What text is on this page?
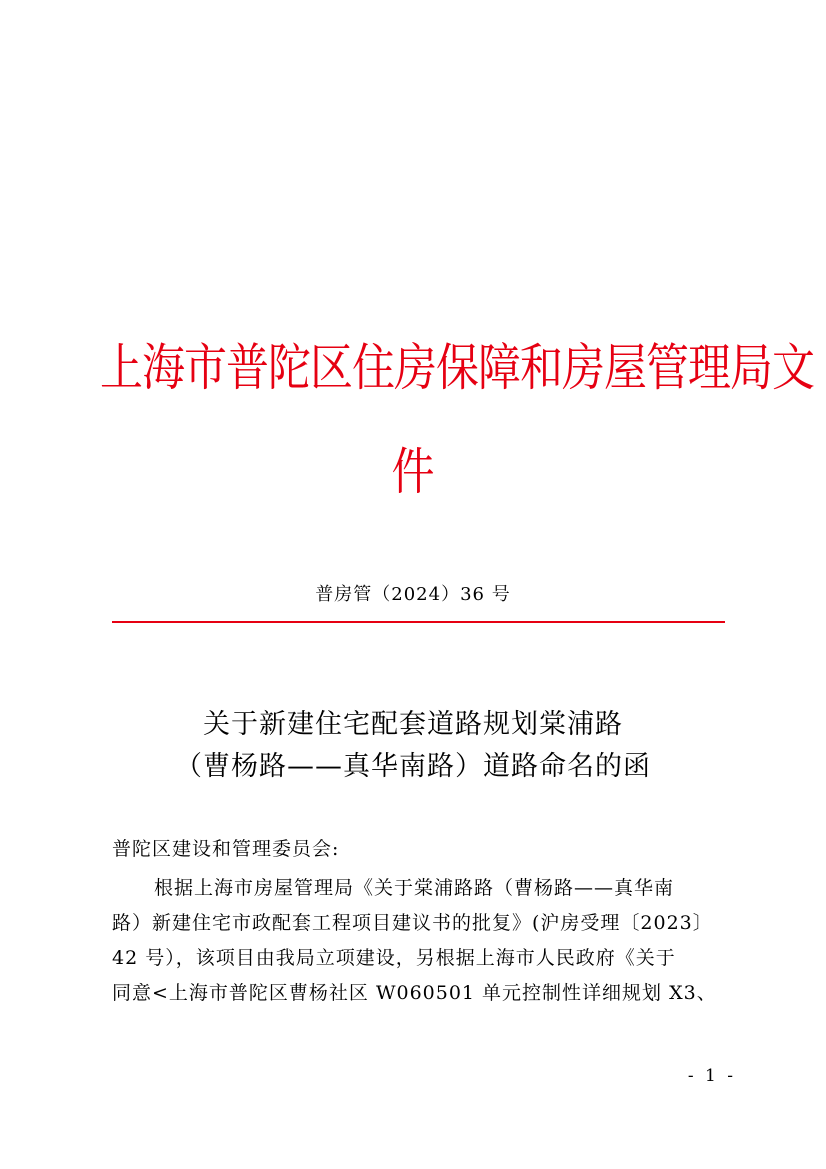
上海市普陀区住房保障和房屋管理局文
件
普房管（2024）36 号
关于新建住宅配套道路规划棠浦路
（曹杨路——真华南路）道路命名的函
普陀区建设和管理委员会:
根据上海市房屋管理局《关于棠浦路路（曹杨路——真华南
路）新建住宅市政配套工程项目建议书的批复》(沪房受理〔2023〕
42 号），该项目由我局立项建设，另根据上海市人民政府《关于
同意<上海市普陀区曹杨社区 W060501 单元控制性详细规划 X3、
- 1 -
